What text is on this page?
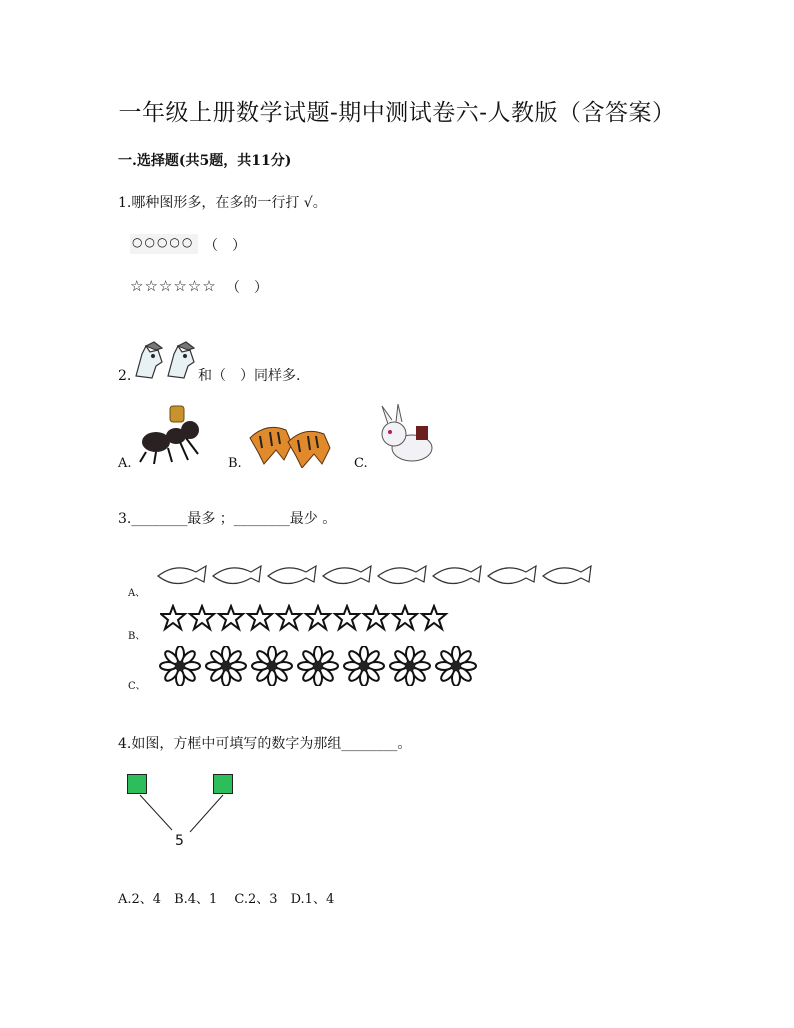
一年级上册数学试题-期中测试卷六-人教版（含答案）
一.选择题(共5题，共11分)
1.哪种图形多，在多的一行打 √。
○○○○○ （　）
☆☆☆☆☆☆ （　）
2.	和（　）同样多.
A.	B.	C.
3.________最多 ；________最少 。
A、
B、
C、
4.如图，方框中可填写的数字为那组________。
5
A.2、4　B.4、1　 C.2、3　D.1、4
